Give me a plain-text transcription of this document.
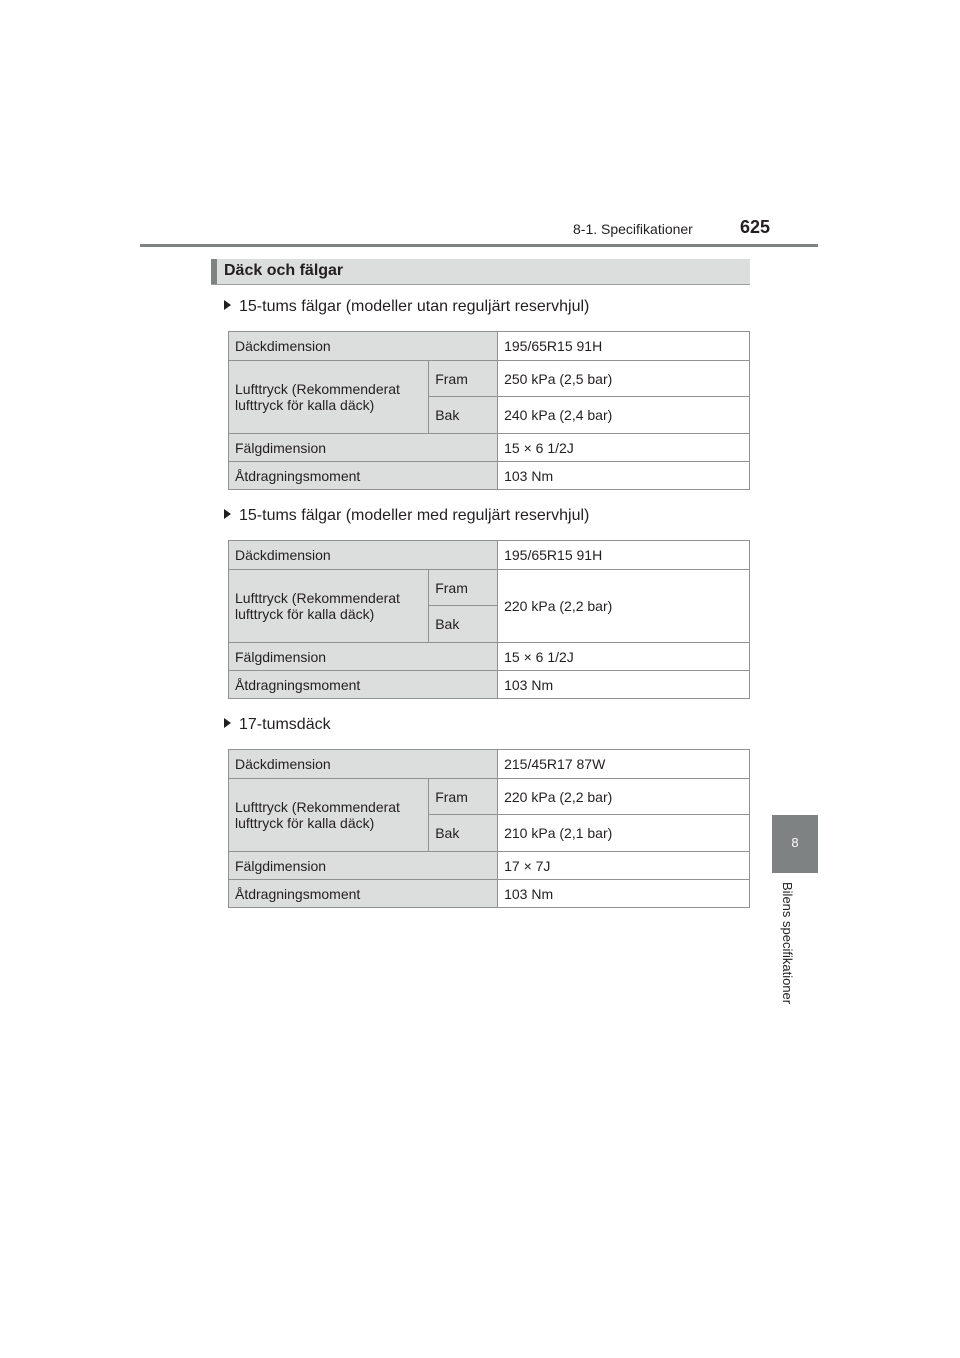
8-1. Specifikationer	625
8
Bilens specifikationer
Däck och fälgar
15-tums fälgar (modeller utan reguljärt reservhjul)
Däckdimension		195/65R15 91H
Lufttryck (Rekommenderat lufttryck för kalla däck)	Fram	250 kPa (2,5 bar)
	Bak	240 kPa (2,4 bar)
Fälgdimension		15 × 6 1/2J
Åtdragningsmoment		103 Nm
15-tums fälgar (modeller med reguljärt reservhjul)
Däckdimension		195/65R15 91H
Lufttryck (Rekommenderat lufttryck för kalla däck)	Fram	220 kPa (2,2 bar)
	Bak	
Fälgdimension		15 × 6 1/2J
Åtdragningsmoment		103 Nm
17-tumsdäck
Däckdimension		215/45R17 87W
Lufttryck (Rekommenderat lufttryck för kalla däck)	Fram	220 kPa (2,2 bar)
	Bak	210 kPa (2,1 bar)
Fälgdimension		17 × 7J
Åtdragningsmoment		103 Nm
